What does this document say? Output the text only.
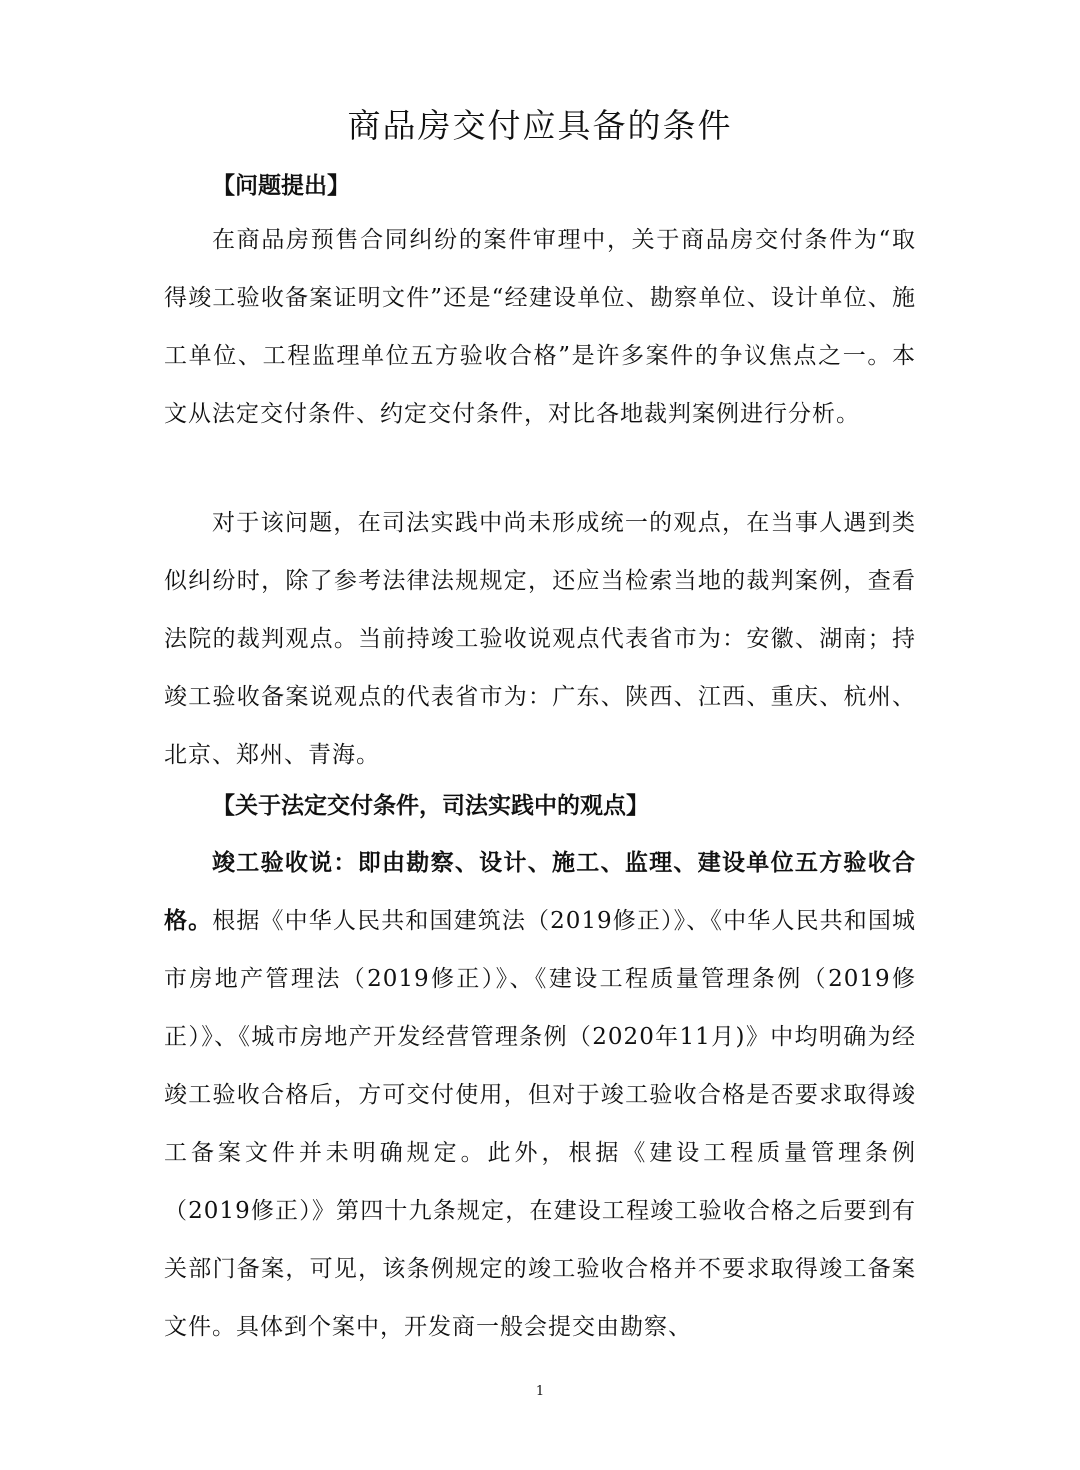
商品房交付应具备的条件
【问题提出】
在商品房预售合同纠纷的案件审理中，关于商品房交付条件为“取得竣工验收备案证明文件”还是“经建设单位、勘察单位、设计单位、施工单位、工程监理单位五方验收合格”是许多案件的争议焦点之一。本文从法定交付条件、约定交付条件，对比各地裁判案例进行分析。
对于该问题，在司法实践中尚未形成统一的观点，在当事人遇到类似纠纷时，除了参考法律法规规定，还应当检索当地的裁判案例，查看法院的裁判观点。当前持竣工验收说观点代表省市为：安徽、湖南；持竣工验收备案说观点的代表省市为：广东、陕西、江西、重庆、杭州、北京、郑州、青海。
【关于法定交付条件，司法实践中的观点】
竣工验收说：即由勘察、设计、施工、监理、建设单位五方验收合格。根据《中华人民共和国建筑法（2019修正）》、《中华人民共和国城市房地产管理法（2019修正）》、《建设工程质量管理条例（2019修正）》、《城市房地产开发经营管理条例（2020年11月)》中均明确为经竣工验收合格后，方可交付使用，但对于竣工验收合格是否要求取得竣工备案文件并未明确规定。此外，根据《建设工程质量管理条例（2019修正）》第四十九条规定，在建设工程竣工验收合格之后要到有关部门备案，可见，该条例规定的竣工验收合格并不要求取得竣工备案文件。具体到个案中，开发商一般会提交由勘察、
1
